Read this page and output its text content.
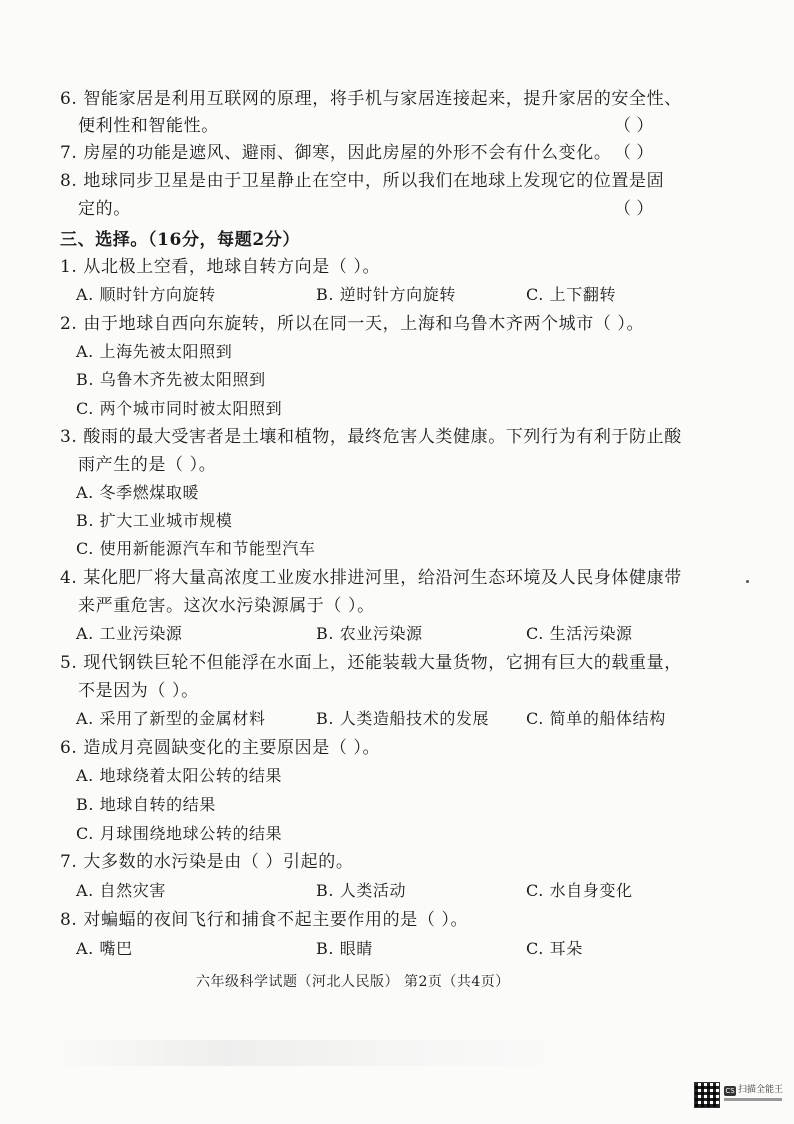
6. 智能家居是利用互联网的原理，将手机与家居连接起来，提升家居的安全性、
便利性和智能性。	（ ）
7. 房屋的功能是遮风、避雨、御寒，因此房屋的外形不会有什么变化。 （ ）
8. 地球同步卫星是由于卫星静止在空中，所以我们在地球上发现它的位置是固
定的。	（ ）
三、选择。（16分，每题2分）
1. 从北极上空看，地球自转方向是（ ）。
A. 顺时针方向旋转	B. 逆时针方向旋转	C. 上下翻转
2. 由于地球自西向东旋转，所以在同一天，上海和乌鲁木齐两个城市（ ）。
A. 上海先被太阳照到
B. 乌鲁木齐先被太阳照到
C. 两个城市同时被太阳照到
3. 酸雨的最大受害者是土壤和植物，最终危害人类健康。下列行为有利于防止酸
雨产生的是（ ）。
A. 冬季燃煤取暖
B. 扩大工业城市规模
C. 使用新能源汽车和节能型汽车
4. 某化肥厂将大量高浓度工业废水排进河里，给沿河生态环境及人民身体健康带
来严重危害。这次水污染源属于（ ）。
A. 工业污染源	B. 农业污染源	C. 生活污染源
5. 现代钢铁巨轮不但能浮在水面上，还能装载大量货物，它拥有巨大的载重量，
不是因为（ ）。
A. 采用了新型的金属材料	B. 人类造船技术的发展 C. 简单的船体结构
6. 造成月亮圆缺变化的主要原因是（ ）。
A. 地球绕着太阳公转的结果
B. 地球自转的结果
C. 月球围绕地球公转的结果
7. 大多数的水污染是由（ ）引起的。
A. 自然灾害	B. 人类活动	C. 水自身变化
8. 对蝙蝠的夜间飞行和捕食不起主要作用的是（ ）。
A. 嘴巴	B. 眼睛	C. 耳朵
六年级科学试题（河北人民版） 第2页（共4页）
CS 扫描全能王
